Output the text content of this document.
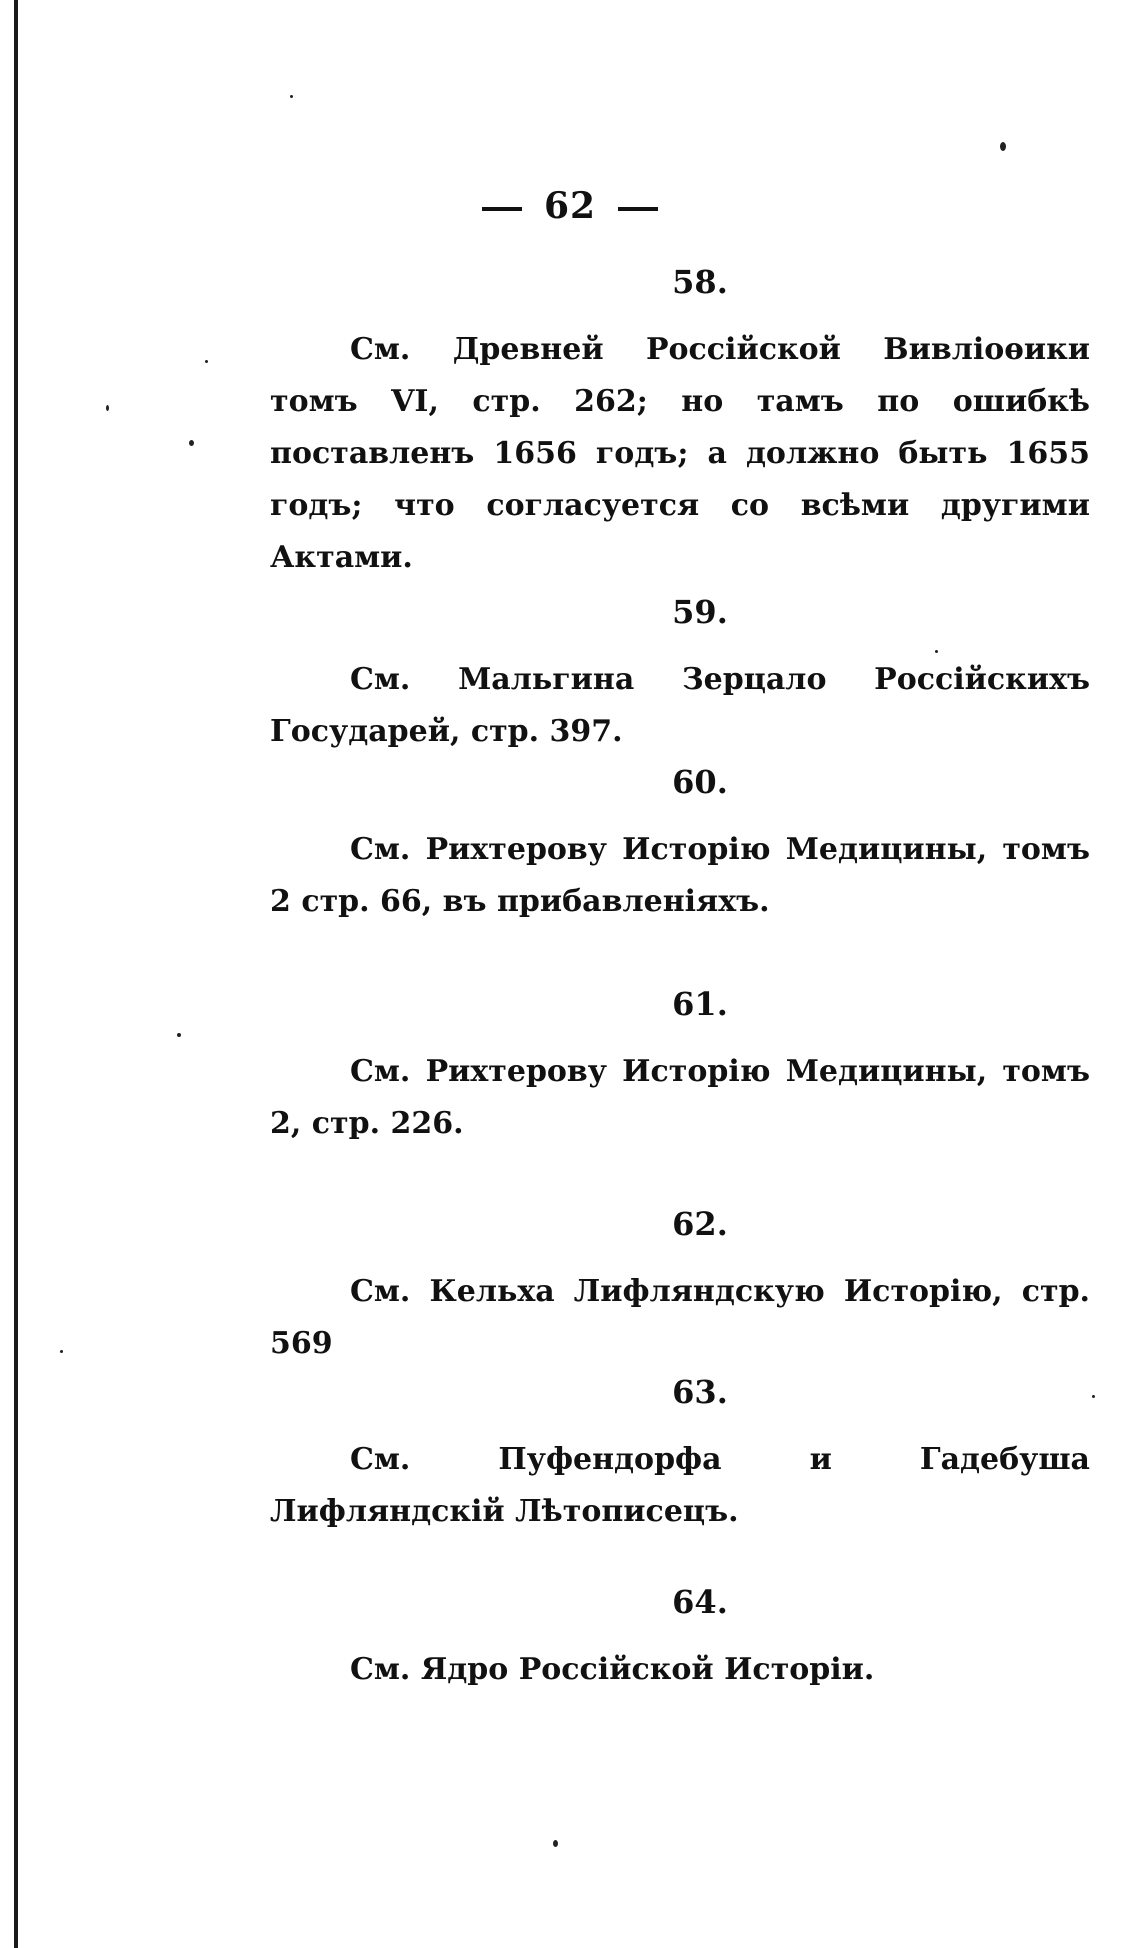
62
58.

См. Древней Россійской Вивліоѳики томъ VI, стр. 262; но тамъ по ошибкѣ поставленъ 1656 годъ; а должно быть 1655 годъ; что согласуется со всѣми другими Актами.

59.

См. Мальгина Зерцало Россійскихъ Государей, стр. 397.

60.

См. Рихтерову Исторію Медицины, томъ 2 стр. 66, въ прибавленіяхъ.

61.

См. Рихтерову Исторію Медицины, томъ 2, стр. 226.

62.

См. Кельха Лифляндскую Исторію, стр. 569

63.

См. Пуфендорфа и Гадебуша Лифляндскій Лѣтописецъ.

64.

См. Ядро Россійской Исторіи.
